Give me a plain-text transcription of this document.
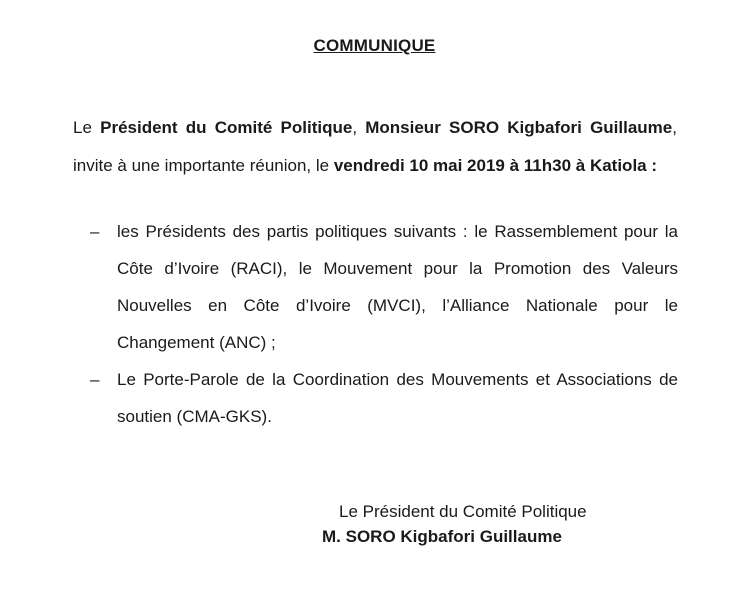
COMMUNIQUE
Le Président du Comité Politique, Monsieur SORO Kigbafori Guillaume, invite à une importante réunion, le vendredi 10 mai 2019 à 11h30 à Katiola :
– les Présidents des partis politiques suivants : le Rassemblement pour la Côte d’Ivoire (RACI), le Mouvement pour la Promotion des Valeurs Nouvelles en Côte d’Ivoire (MVCI), l’Alliance Nationale pour le Changement (ANC) ;
– Le Porte-Parole de la Coordination des Mouvements et Associations de soutien (CMA-GKS).
Le Président du Comité Politique
M. SORO Kigbafori Guillaume
